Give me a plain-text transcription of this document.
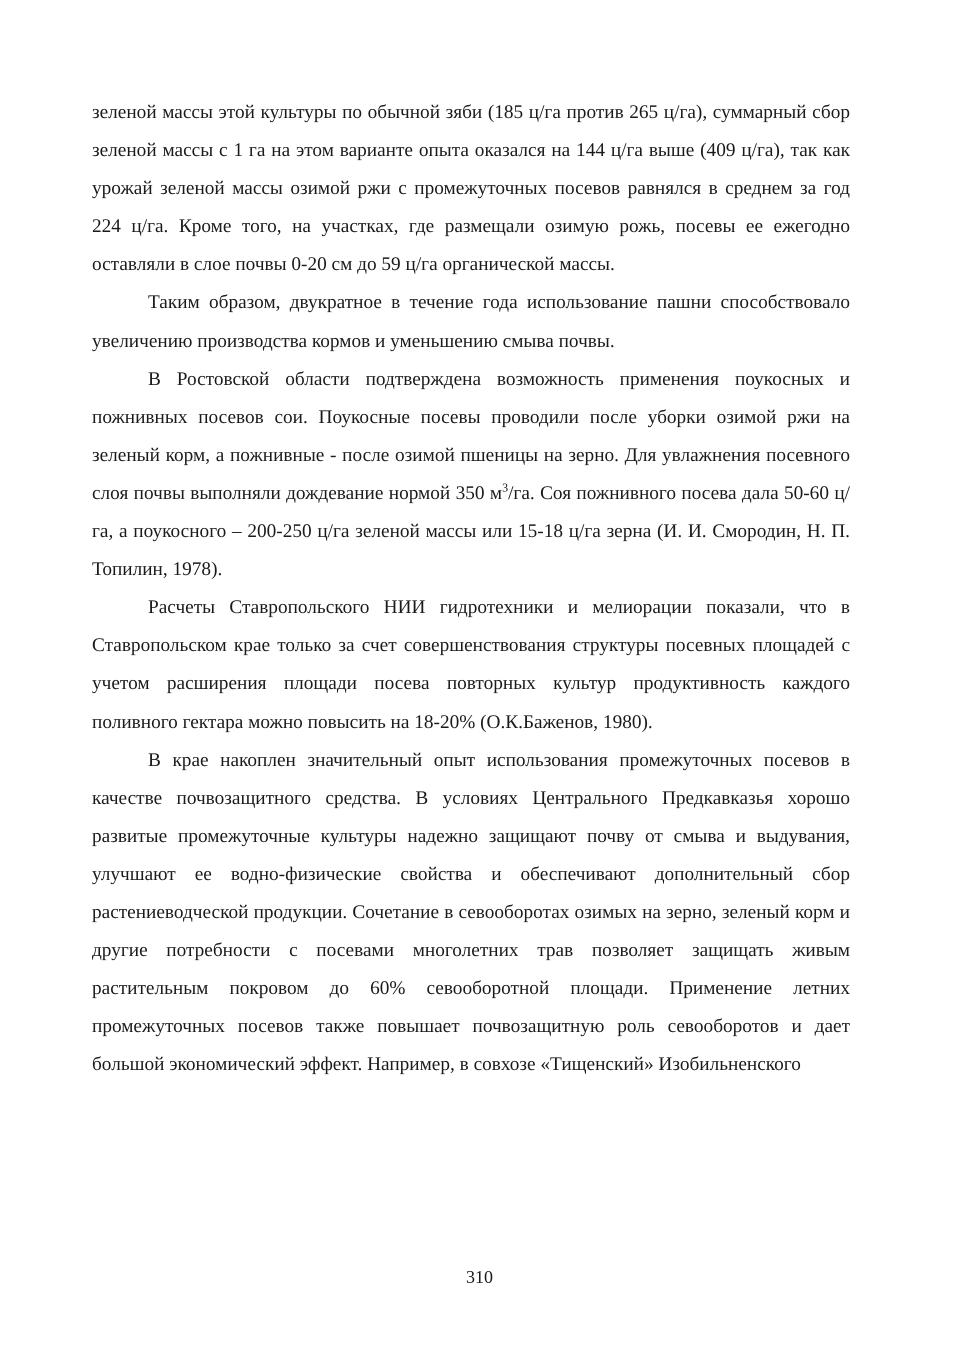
зеленой массы этой культуры по обычной зяби (185 ц/га против 265 ц/га), суммарный сбор зеленой массы с 1 га на этом варианте опыта оказался на 144 ц/га выше (409 ц/га), так как урожай зеленой массы озимой ржи с промежуточных посевов равнялся в среднем за год 224 ц/га. Кроме того, на участках, где размещали озимую рожь, посевы ее ежегодно оставляли в слое почвы 0-20 см до 59 ц/га органической массы.

Таким образом, двукратное в течение года использование пашни способствовало увеличению производства кормов и уменьшению смыва почвы.

В Ростовской области подтверждена возможность применения поукосных и пожнивных посевов сои. Поукосные посевы проводили после уборки озимой ржи на зеленый корм, а пожнивные - после озимой пшеницы на зерно. Для увлажнения посевного слоя почвы выполняли дождевание нормой 350 $м^3/га$. Соя пожнивного посева дала 50-60 ц/га, а поукосного – 200-250 ц/га зеленой массы или 15-18 ц/га зерна (И. И. Смородин, Н. П. Топилин, 1978).

Расчеты Ставропольского НИИ гидротехники и мелиорации показали, что в Ставропольском крае только за счет совершенствования структуры посевных площадей с учетом расширения площади посева повторных культур продуктивность каждого поливного гектара можно повысить на 18-20% (О.К.Баженов, 1980).

В крае накоплен значительный опыт использования промежуточных посевов в качестве почвозащитного средства. В условиях Центрального Предкавказья хорошо развитые промежуточные культуры надежно защищают почву от смыва и выдувания, улучшают ее водно-физические свойства и обеспечивают дополнительный сбор растениеводческой продукции. Сочетание в севооборотах озимых на зерно, зеленый корм и другие потребности с посевами многолетних трав позволяет защищать живым растительным покровом до 60% севооборотной площади. Применение летних промежуточных посевов также повышает почвозащитную роль севооборотов и дает большой экономический эффект. Например, в совхозе «Тищенский» Изобильненского

310
